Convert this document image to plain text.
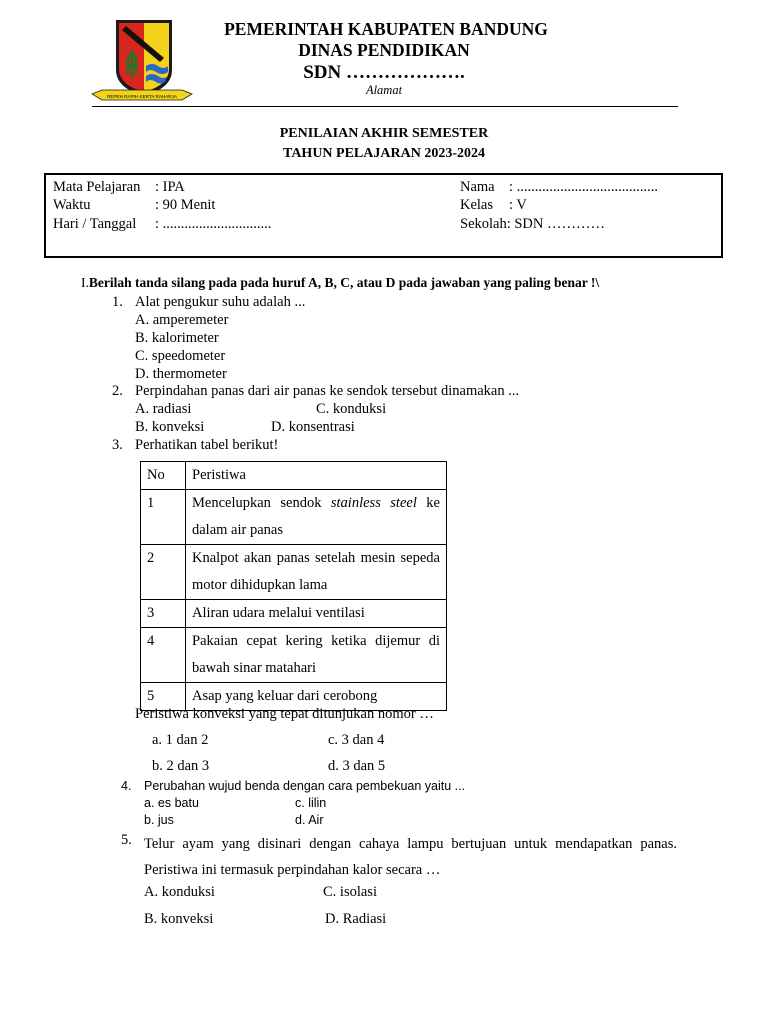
REPEH RAPIH KERTA RAHARJA
PEMERINTAH KABUPATEN BANDUNG
DINAS PENDIDIKAN
SDN ……………….
Alamat
PENILAIAN AKHIR SEMESTER
TAHUN PELAJARAN 2023-2024
Mata Pelajaran : IPA
Waktu	: 90 Menit
Hari / Tanggal : ..............................
Nama : .......................................
Kelas : V
Sekolah: SDN …………
I.Berilah tanda silang pada pada huruf A, B, C, atau D pada jawaban yang paling benar !\
1. Alat pengukur suhu adalah ...
A. amperemeter
B. kalorimeter
C. speedometer
D. thermometer
2. Perpindahan panas dari air panas ke sendok tersebut dinamakan ...
A. radiasi	C. konduksi
B. konveksi	D. konsentrasi
3. Perhatikan tabel berikut!
No	Peristiwa
1	Mencelupkan sendok stainless steel ke dalam air panas
2	Knalpot akan panas setelah mesin sepeda motor dihidupkan lama
3	Aliran udara melalui ventilasi
4	Pakaian cepat kering ketika dijemur di bawah sinar matahari
5	Asap yang keluar dari cerobong
Peristiwa konveksi yang tepat ditunjukan nomor …
a. 1 dan 2	c. 3 dan 4
b. 2 dan 3	d. 3 dan 5
4. Perubahan wujud benda dengan cara pembekuan yaitu ...
a. es batu	c. lilin
b. jus	d. Air
5. Telur ayam yang disinari dengan cahaya lampu bertujuan untuk mendapatkan panas. Peristiwa ini termasuk perpindahan kalor secara …
A. konduksi	C. isolasi
B. konveksi	D. Radiasi
